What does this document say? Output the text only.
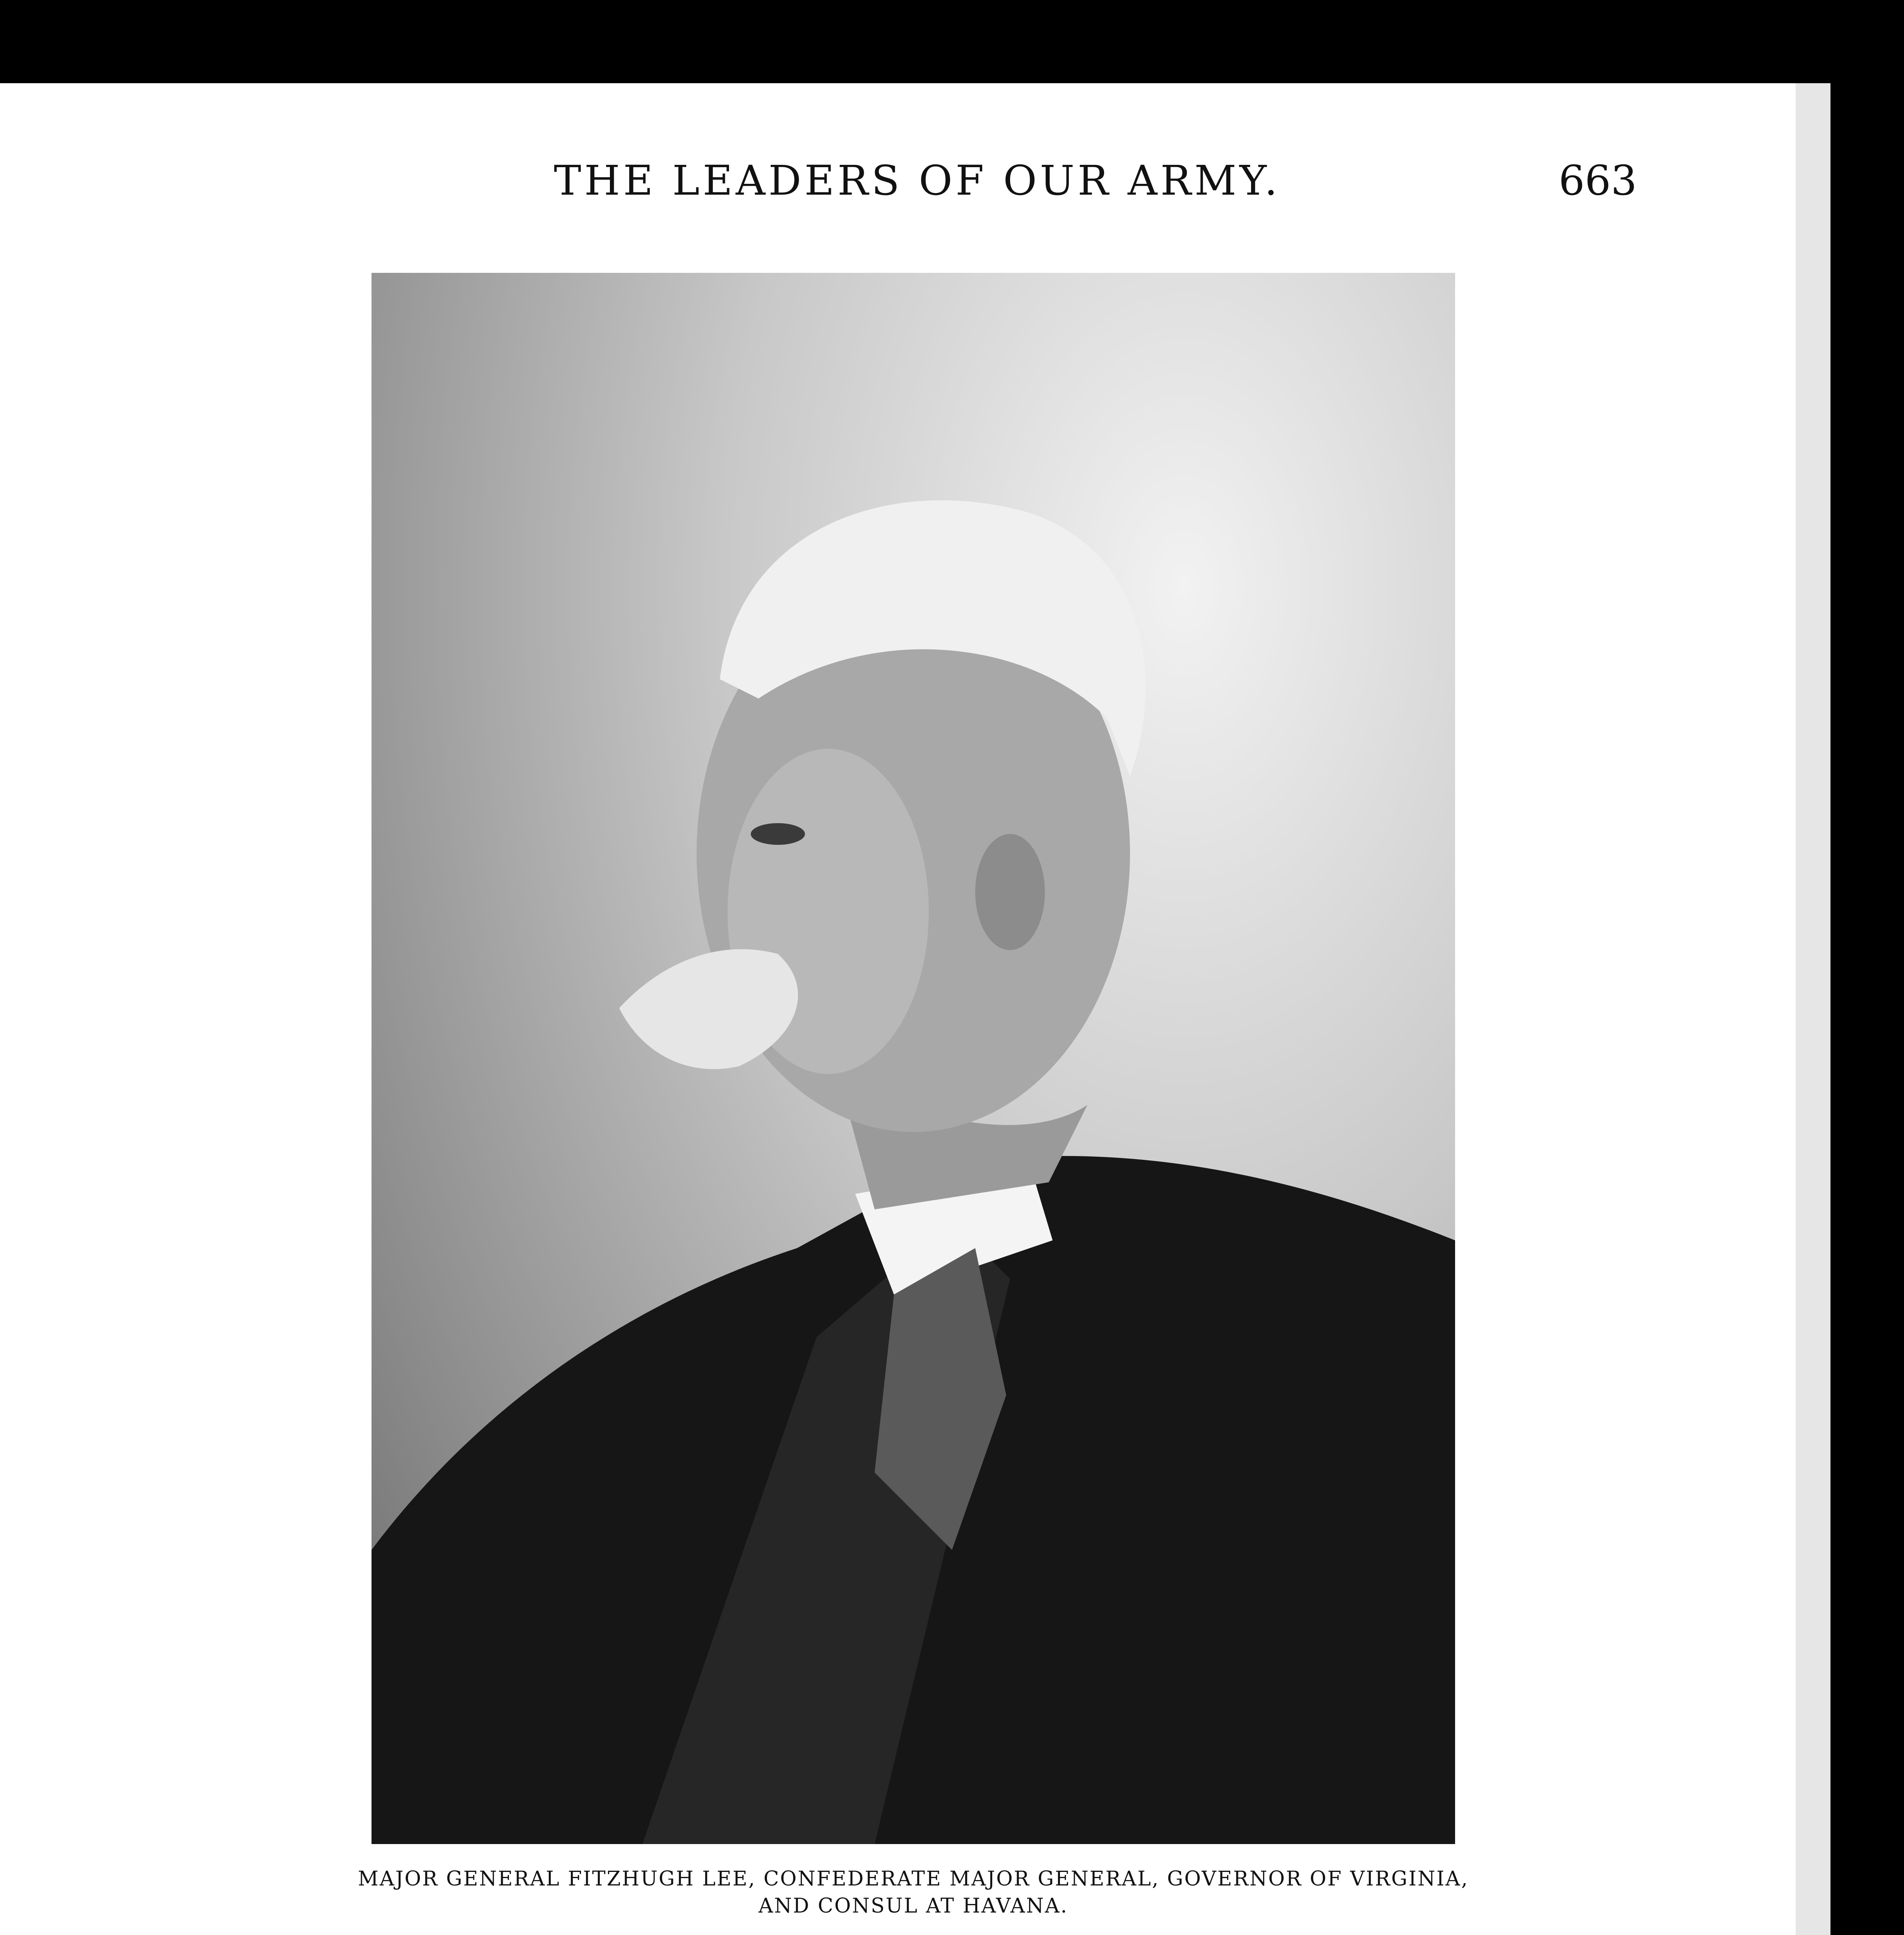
THE LEADERS OF OUR ARMY.	663
MAJOR GENERAL FITZHUGH LEE, CONFEDERATE MAJOR GENERAL, GOVERNOR OF VIRGINIA,
AND CONSUL AT HAVANA.
